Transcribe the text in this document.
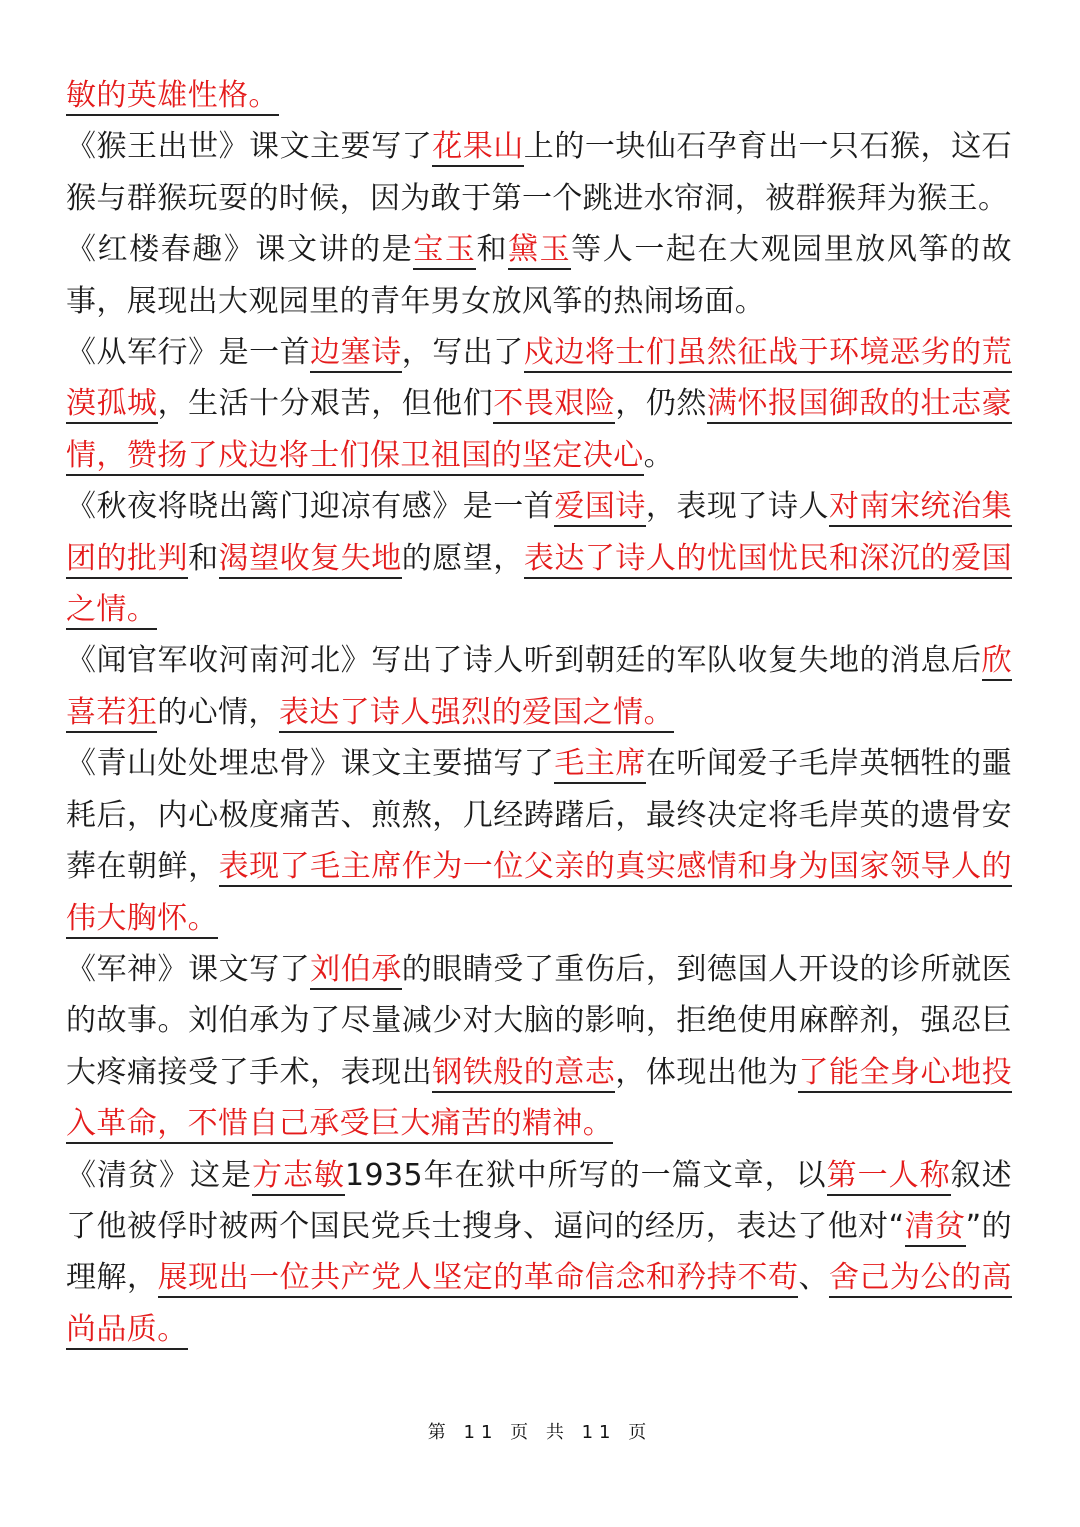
敏的英雄性格。

《猴王出世》课文主要写了花果山上的一块仙石孕育出一只石猴，这石猴与群猴玩耍的时候，因为敢于第一个跳进水帘洞，被群猴拜为猴王。

《红楼春趣》课文讲的是宝玉和黛玉等人一起在大观园里放风筝的故事，展现出大观园里的青年男女放风筝的热闹场面。

《从军行》是一首边塞诗，写出了戍边将士们虽然征战于环境恶劣的荒漠孤城，生活十分艰苦，但他们不畏艰险，仍然满怀报国御敌的壮志豪情，赞扬了戍边将士们保卫祖国的坚定决心。

《秋夜将晓出篱门迎凉有感》是一首爱国诗，表现了诗人对南宋统治集团的批判和渴望收复失地的愿望，表达了诗人的忧国忧民和深沉的爱国之情。

《闻官军收河南河北》写出了诗人听到朝廷的军队收复失地的消息后欣喜若狂的心情，表达了诗人强烈的爱国之情。

《青山处处埋忠骨》课文主要描写了毛主席在听闻爱子毛岸英牺牲的噩耗后，内心极度痛苦、煎熬，几经踌躇后，最终决定将毛岸英的遗骨安葬在朝鲜，表现了毛主席作为一位父亲的真实感情和身为国家领导人的伟大胸怀。

《军神》课文写了刘伯承的眼睛受了重伤后，到德国人开设的诊所就医的故事。刘伯承为了尽量减少对大脑的影响，拒绝使用麻醉剂，强忍巨大疼痛接受了手术，表现出钢铁般的意志，体现出他为了能全身心地投入革命，不惜自己承受巨大痛苦的精神。

《清贫》这是方志敏1935年在狱中所写的一篇文章，以第一人称叙述了他被俘时被两个国民党兵士搜身、逼问的经历，表达了他对“清贫”的理解，展现出一位共产党人坚定的革命信念和矜持不苟、舍己为公的高尚品质。

第 11 页 共 11 页
